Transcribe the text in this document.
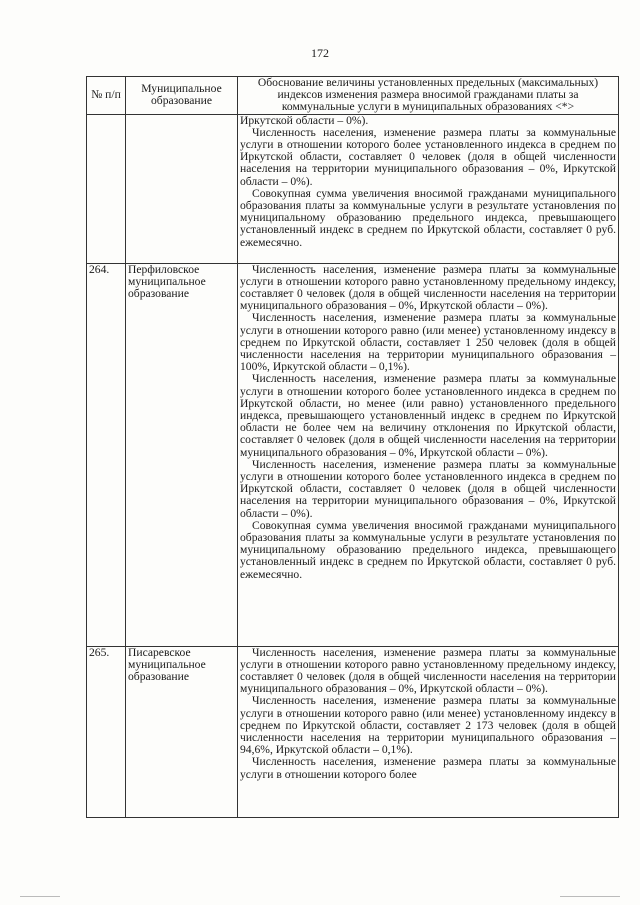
172
№ п/п	Муниципальное образование	Обоснование величины установленных предельных (максимальных) индексов изменения размера вносимой гражданами платы за коммунальные услуги в муниципальных образованиях <*>

		Иркутской области – 0%).

Численность населения, изменение размера платы за коммунальные услуги в отношении которого более установленного индекса в среднем по Иркутской области, составляет 0 человек (доля в общей численности населения на территории муниципального образования – 0%, Иркутской области – 0%).

Совокупная сумма увеличения вносимой гражданами муниципального образования платы за коммунальные услуги в результате установления по муниципальному образованию предельного индекса, превышающего установленный индекс в среднем по Иркутской области, составляет 0 руб. ежемесячно.

264.	Перфиловское муниципальное образование	Численность населения, изменение размера платы за коммунальные услуги в отношении которого равно установленному предельному индексу, составляет 0 человек (доля в общей численности населения на территории муниципального образования – 0%, Иркутской области – 0%).

Численность населения, изменение размера платы за коммунальные услуги в отношении которого равно (или менее) установленному индексу в среднем по Иркутской области, составляет 1 250 человек (доля в общей численности населения на территории муниципального образования – 100%, Иркутской области – 0,1%).

Численность населения, изменение размера платы за коммунальные услуги в отношении которого более установленного индекса в среднем по Иркутской области, но менее (или равно) установленного предельного индекса, превышающего установленный индекс в среднем по Иркутской области не более чем на величину отклонения по Иркутской области, составляет 0 человек (доля в общей численности населения на территории муниципального образования – 0%, Иркутской области – 0%).

Численность населения, изменение размера платы за коммунальные услуги в отношении которого более установленного индекса в среднем по Иркутской области, составляет 0 человек (доля в общей численности населения на территории муниципального образования – 0%, Иркутской области – 0%).

Совокупная сумма увеличения вносимой гражданами муниципального образования платы за коммунальные услуги в результате установления по муниципальному образованию предельного индекса, превышающего установленный индекс в среднем по Иркутской области, составляет 0 руб. ежемесячно.

265.	Писаревское муниципальное образование	Численность населения, изменение размера платы за коммунальные услуги в отношении которого равно установленному предельному индексу, составляет 0 человек (доля в общей численности населения на территории муниципального образования – 0%, Иркутской области – 0%).

Численность населения, изменение размера платы за коммунальные услуги в отношении которого равно (или менее) установленному индексу в среднем по Иркутской области, составляет 2 173 человек (доля в общей численности населения на территории муниципального образования – 94,6%, Иркутской области – 0,1%).

Численность населения, изменение размера платы за коммунальные услуги в отношении которого более
